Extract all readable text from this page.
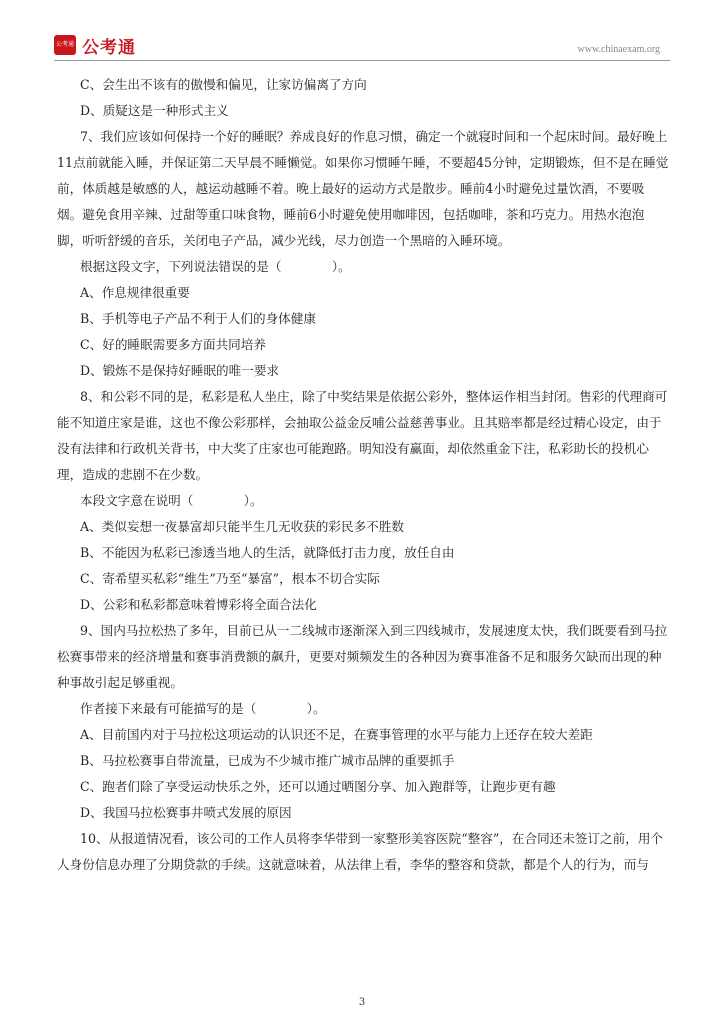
公考通 公考通	www.chinaexam.org

C、会生出不该有的傲慢和偏见，让家访偏离了方向

D、质疑这是一种形式主义

7、我们应该如何保持一个好的睡眠？养成良好的作息习惯，确定一个就寝时间和一个起床时间。最好晚上11点前就能入睡，并保证第二天早晨不睡懒觉。如果你习惯睡午睡，不要超45分钟，定期锻炼，但不是在睡觉前，体质越是敏感的人，越运动越睡不着。晚上最好的运动方式是散步。睡前4小时避免过量饮酒，不要吸烟。避免食用辛辣、过甜等重口味食物，睡前6小时避免使用咖啡因，包括咖啡，茶和巧克力。用热水泡泡脚，听听舒缓的音乐，关闭电子产品，减少光线，尽力创造一个黑暗的入睡环境。

根据这段文字，下列说法错误的是（　　　　）。

A、作息规律很重要

B、手机等电子产品不利于人们的身体健康

C、好的睡眠需要多方面共同培养

D、锻炼不是保持好睡眠的唯一要求

8、和公彩不同的是，私彩是私人坐庄，除了中奖结果是依据公彩外，整体运作相当封闭。售彩的代理商可能不知道庄家是谁，这也不像公彩那样，会抽取公益金反哺公益慈善事业。且其赔率都是经过精心设定，由于没有法律和行政机关背书，中大奖了庄家也可能跑路。明知没有赢面，却依然重金下注，私彩助长的投机心理，造成的悲剧不在少数。

本段文字意在说明（　　　　）。

A、类似妄想一夜暴富却只能半生几无收获的彩民多不胜数

B、不能因为私彩已渗透当地人的生活，就降低打击力度，放任自由

C、寄希望买私彩“维生”乃至“暴富”，根本不切合实际

D、公彩和私彩都意味着博彩将全面合法化

9、国内马拉松热了多年，目前已从一二线城市逐渐深入到三四线城市，发展速度太快，我们既要看到马拉松赛事带来的经济增量和赛事消费额的飙升，更要对频频发生的各种因为赛事准备不足和服务欠缺而出现的种种事故引起足够重视。

作者接下来最有可能描写的是（　　　　）。

A、目前国内对于马拉松这项运动的认识还不足，在赛事管理的水平与能力上还存在较大差距

B、马拉松赛事自带流量，已成为不少城市推广城市品牌的重要抓手

C、跑者们除了享受运动快乐之外，还可以通过晒图分享、加入跑群等，让跑步更有趣

D、我国马拉松赛事井喷式发展的原因

10、从报道情况看，该公司的工作人员将李华带到一家整形美容医院“整容”，在合同还未签订之前，用个人身份信息办理了分期贷款的手续。这就意味着，从法律上看，李华的整容和贷款，都是个人的行为，而与

3
